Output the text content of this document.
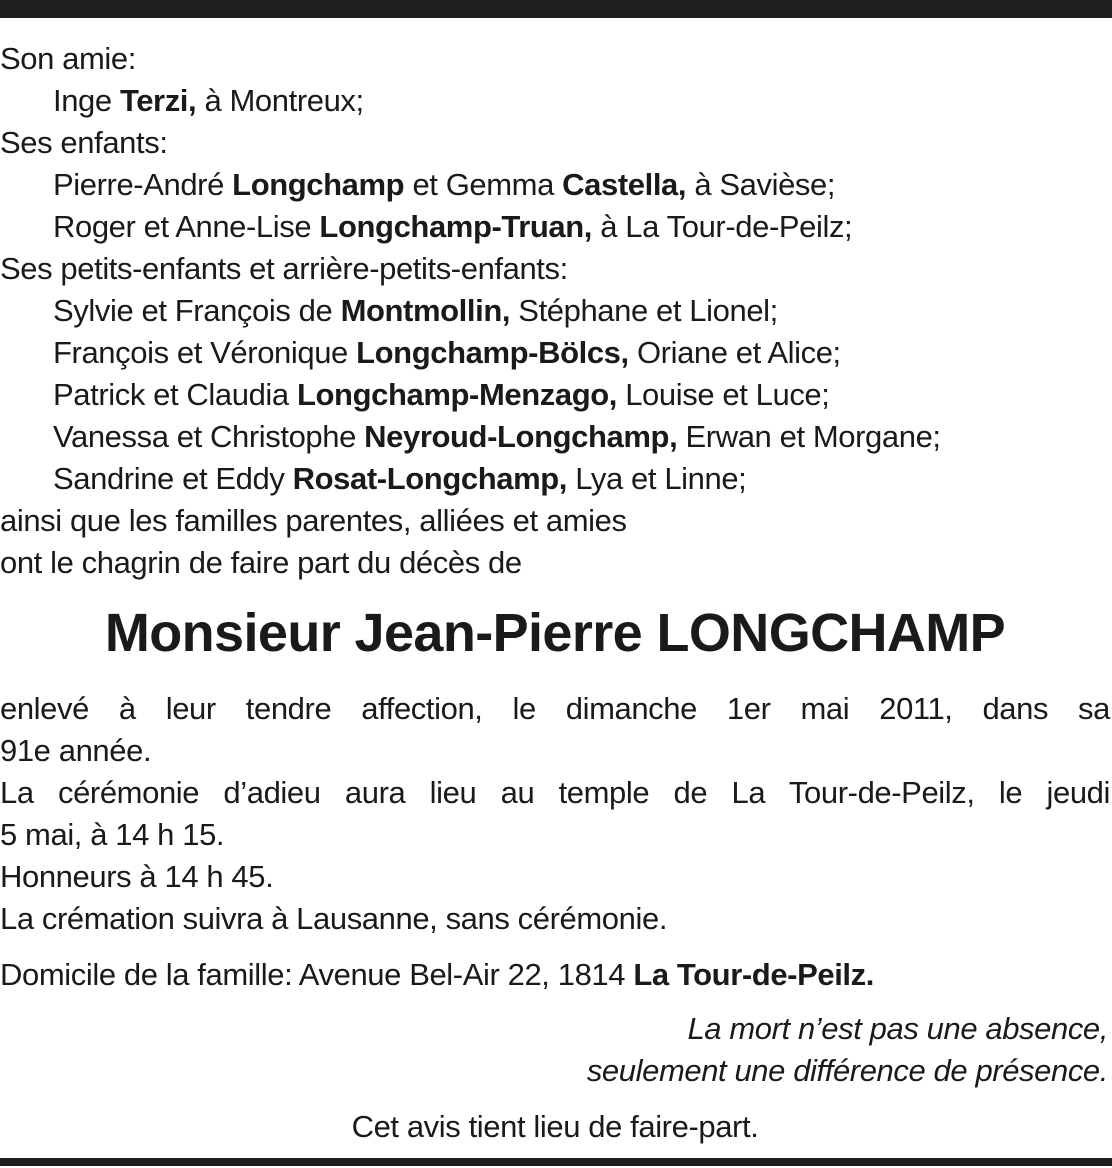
Son amie:
Inge Terzi, à Montreux;
Ses enfants:
Pierre-André Longchamp et Gemma Castella, à Savièse;
Roger et Anne-Lise Longchamp-Truan, à La Tour-de-Peilz;
Ses petits-enfants et arrière-petits-enfants:
Sylvie et François de Montmollin, Stéphane et Lionel;
François et Véronique Longchamp-Bölcs, Oriane et Alice;
Patrick et Claudia Longchamp-Menzago, Louise et Luce;
Vanessa et Christophe Neyroud-Longchamp, Erwan et Morgane;
Sandrine et Eddy Rosat-Longchamp, Lya et Linne;
ainsi que les familles parentes, alliées et amies
ont le chagrin de faire part du décès de
Monsieur Jean-Pierre LONGCHAMP
enlevé à leur tendre affection, le dimanche 1er mai 2011, dans sa
91e année.
La cérémonie d’adieu aura lieu au temple de La Tour-de-Peilz, le jeudi
5 mai, à 14 h 15.
Honneurs à 14 h 45.
La crémation suivra à Lausanne, sans cérémonie.
Domicile de la famille: Avenue Bel-Air 22, 1814 La Tour-de-Peilz.
La mort n’est pas une absence,
seulement une différence de présence.
Cet avis tient lieu de faire-part.
